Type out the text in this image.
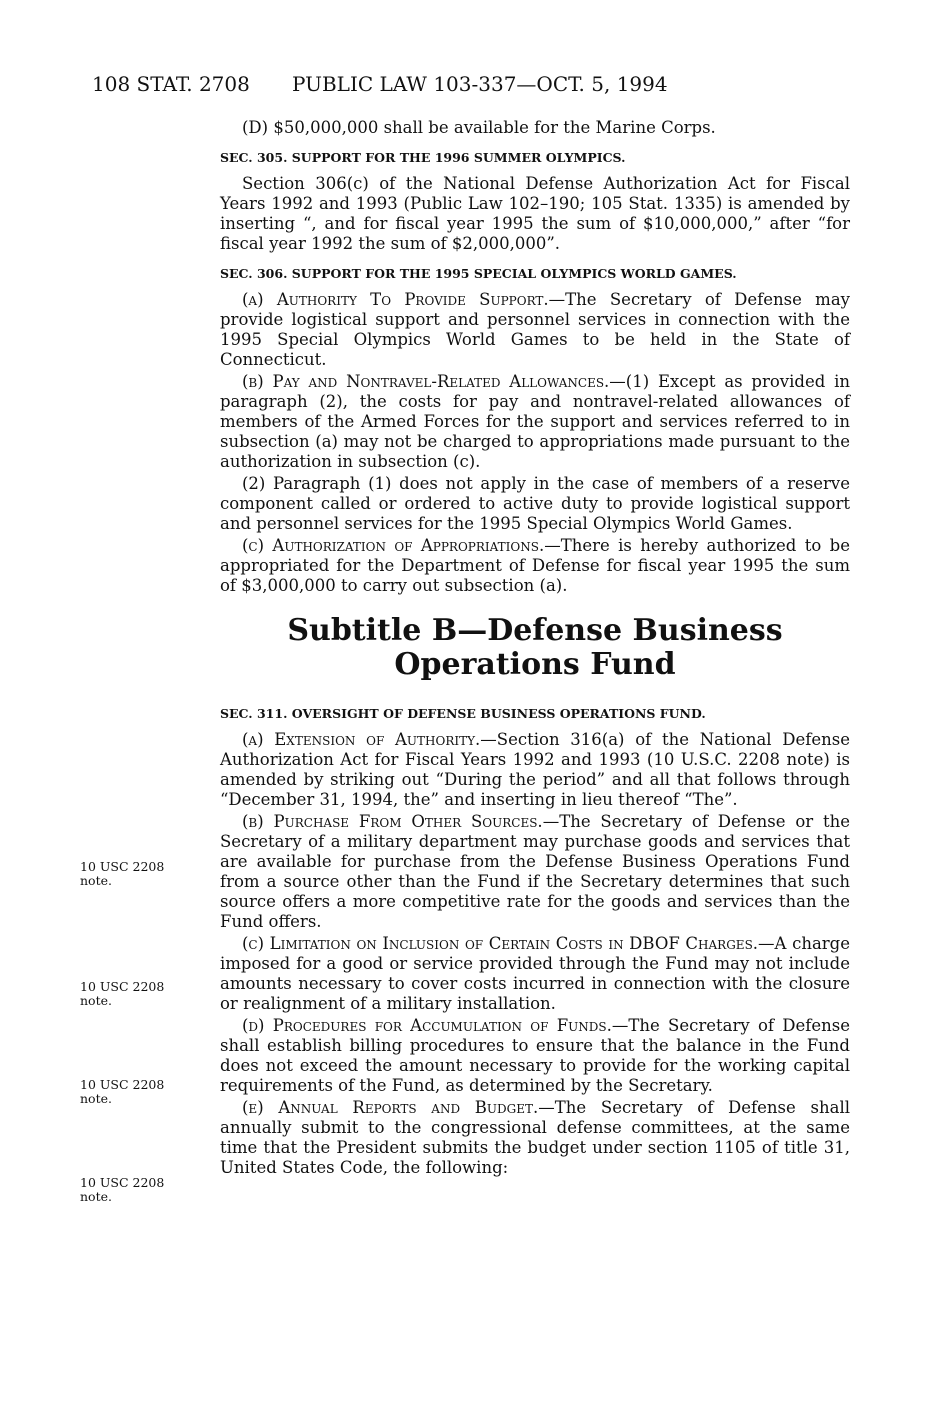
108 STAT. 2708 PUBLIC LAW 103-337—OCT. 5, 1994
10 USC 2208
note.
10 USC 2208
note.
10 USC 2208
note.
10 USC 2208
note.

(D) $50,000,000 shall be available for the Marine Corps.

SEC. 305. SUPPORT FOR THE 1996 SUMMER OLYMPICS.

Section 306(c) of the National Defense Authorization Act for Fiscal Years 1992 and 1993 (Public Law 102–190; 105 Stat. 1335) is amended by inserting “, and for fiscal year 1995 the sum of $10,000,000,” after “for fiscal year 1992 the sum of $2,000,000”.

SEC. 306. SUPPORT FOR THE 1995 SPECIAL OLYMPICS WORLD GAMES.

(a) Authority To Provide Support.—The Secretary of Defense may provide logistical support and personnel services in connection with the 1995 Special Olympics World Games to be held in the State of Connecticut.

(b) Pay and Nontravel-Related Allowances.—(1) Except as provided in paragraph (2), the costs for pay and nontravel-related allowances of members of the Armed Forces for the support and services referred to in subsection (a) may not be charged to appropriations made pursuant to the authorization in subsection (c).

(2) Paragraph (1) does not apply in the case of members of a reserve component called or ordered to active duty to provide logistical support and personnel services for the 1995 Special Olympics World Games.

(c) Authorization of Appropriations.—There is hereby authorized to be appropriated for the Department of Defense for fiscal year 1995 the sum of $3,000,000 to carry out subsection (a).

Subtitle B—Defense Business Operations Fund

SEC. 311. OVERSIGHT OF DEFENSE BUSINESS OPERATIONS FUND.

(a) Extension of Authority.—Section 316(a) of the National Defense Authorization Act for Fiscal Years 1992 and 1993 (10 U.S.C. 2208 note) is amended by striking out “During the period” and all that follows through “December 31, 1994, the” and inserting in lieu thereof “The”.

(b) Purchase From Other Sources.—The Secretary of Defense or the Secretary of a military department may purchase goods and services that are available for purchase from the Defense Business Operations Fund from a source other than the Fund if the Secretary determines that such source offers a more competitive rate for the goods and services than the Fund offers.

(c) Limitation on Inclusion of Certain Costs in DBOF Charges.—A charge imposed for a good or service provided through the Fund may not include amounts necessary to cover costs incurred in connection with the closure or realignment of a military installation.

(d) Procedures for Accumulation of Funds.—The Secretary of Defense shall establish billing procedures to ensure that the balance in the Fund does not exceed the amount necessary to provide for the working capital requirements of the Fund, as determined by the Secretary.

(e) Annual Reports and Budget.—The Secretary of Defense shall annually submit to the congressional defense committees, at the same time that the President submits the budget under section 1105 of title 31, United States Code, the following:
